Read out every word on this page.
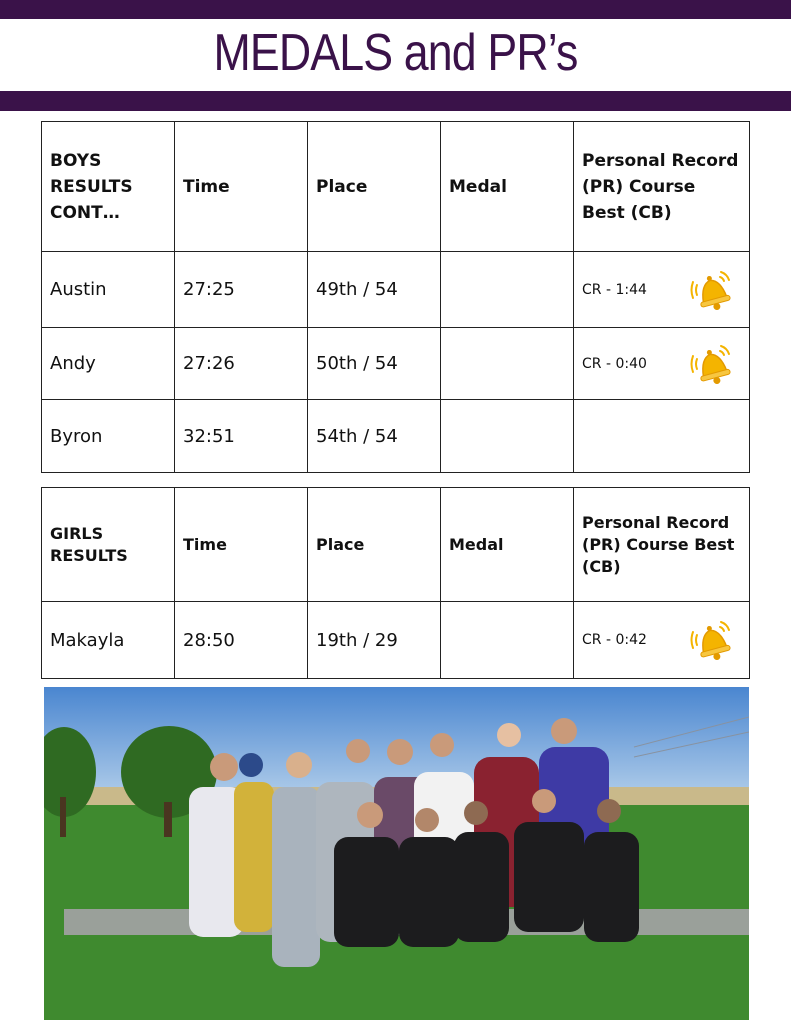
MEDALS and PR’s
BOYS RESULTS CONT…	Time	Place	Medal	Personal Record (PR) Course Best (CB)
Austin	27:25	49th / 54		CR - 1:44

Andy	27:26	50th / 54		CR - 0:40

Byron	32:51	54th / 54		
GIRLS RESULTS	Time	Place	Medal	Personal Record (PR) Course Best (CB)
Makayla	28:50	19th / 29		CR - 0:42
